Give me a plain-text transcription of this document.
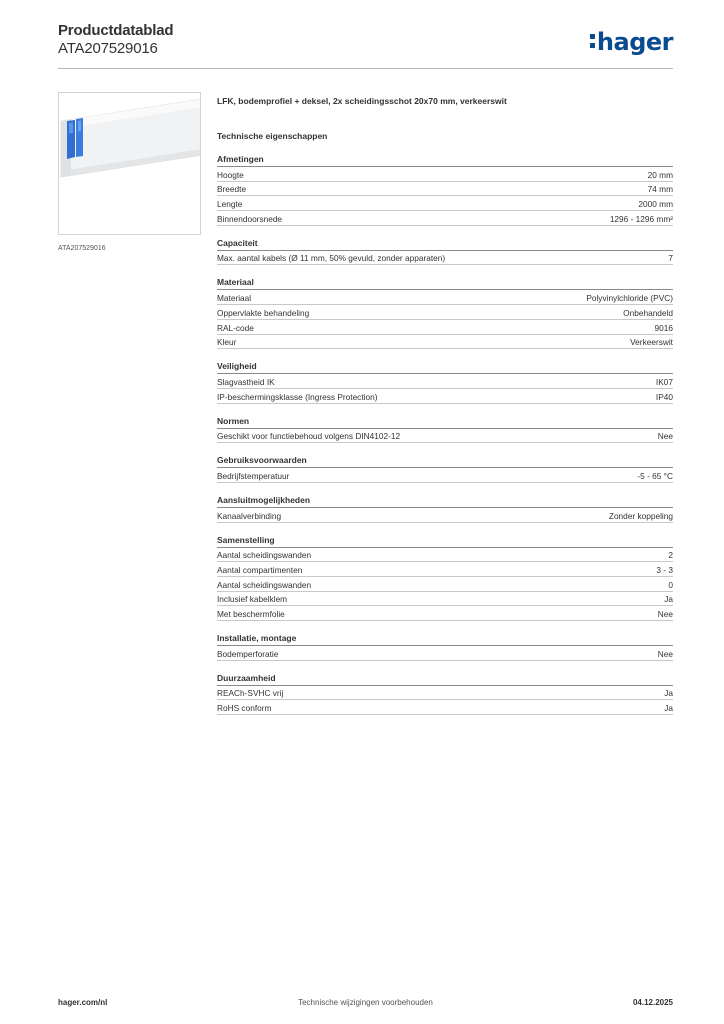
Productdatablad
ATA207529016	hager
ATA207529016
LFK, bodemprofiel + deksel, 2x scheidingsschot 20x70 mm, verkeerswit
Technische eigenschappen
Afmetingen
Hoogte	20 mm
Breedte	74 mm
Lengte	2000 mm
Binnendoorsnede	1296 - 1296 mm²
Capaciteit
Max. aantal kabels (Ø 11 mm, 50% gevuld, zonder apparaten)	7
Materiaal
Materiaal	Polyvinylchloride (PVC)
Oppervlakte behandeling	Onbehandeld
RAL-code	9016
Kleur	Verkeerswit
Veiligheid
Slagvastheid IK	IK07
IP-beschermingsklasse (Ingress Protection)	IP40
Normen
Geschikt voor functiebehoud volgens DIN4102-12	Nee
Gebruiksvoorwaarden
Bedrijfstemperatuur	-5 - 65 °C
Aansluitmogelijkheden
Kanaalverbinding	Zonder koppeling
Samenstelling
Aantal scheidingswanden	2
Aantal compartimenten	3 - 3
Aantal scheidingswanden	0
Inclusief kabelklem	Ja
Met beschermfolie	Nee
Installatie, montage
Bodemperforatie	Nee
Duurzaamheid
REACh-SVHC vrij	Ja
RoHS conform	Ja
hager.com/nl	Technische wijzigingen voorbehouden	04.12.2025
